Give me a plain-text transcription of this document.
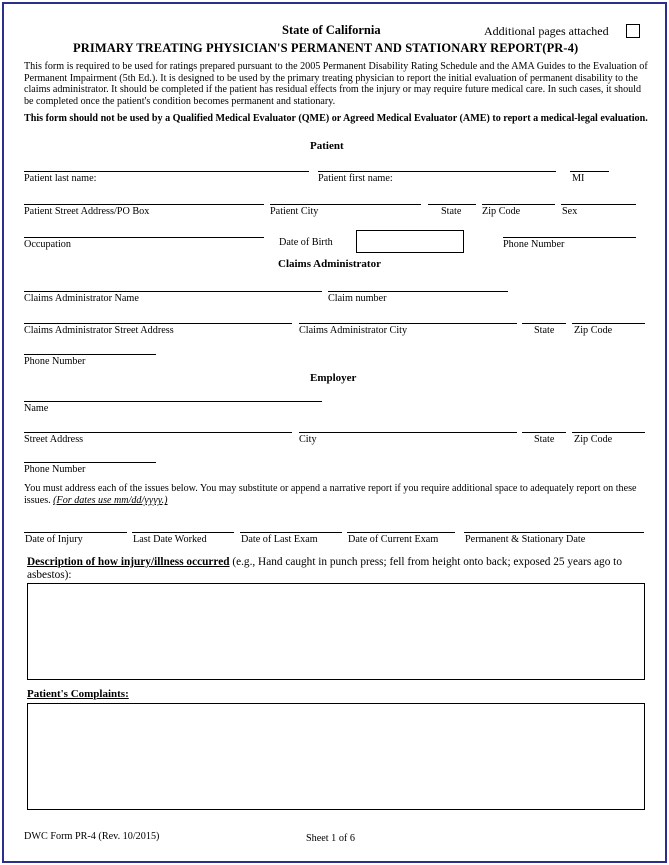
State of California	Additional pages attached
PRIMARY TREATING PHYSICIAN'S PERMANENT AND STATIONARY REPORT(PR-4)
This form is required to be used for ratings prepared pursuant to the 2005 Permanent Disability Rating Schedule and the AMA Guides to the Evaluation of Permanent Impairment (5th Ed.). It is designed to be used by the primary treating physician to report the initial evaluation of permanent disability to the claims administrator. It should be completed if the patient has residual effects from the injury or may require future medical care. In such cases, it should be completed once the patient's condition becomes permanent and stationary.
This form should not be used by a Qualified Medical Evaluator (QME) or Agreed Medical Evaluator (AME) to report a medical-legal evaluation.
Patient
Patient last name:	Patient first name:	MI
Patient Street Address/PO Box	Patient City	State Zip Code	Sex
Occupation	Date of Birth	Phone Number
Claims Administrator
Claims Administrator Name	Claim number
Claims Administrator Street Address	Claims Administrator City	State Zip Code
Phone Number
Employer
Name
Street Address	City	State Zip Code
Phone Number
You must address each of the issues below. You may substitute or append a narrative report if you require additional space to adequately report on these issues. (For dates use mm/dd/yyyy.)
Date of Injury	Last Date Worked	Date of Last Exam	Date of Current Exam	Permanent & Stationary Date
Description of how injury/illness occurred (e.g., Hand caught in punch press; fell from height onto back; exposed 25 years ago to asbestos):
Patient's Complaints:
DWC Form PR-4 (Rev. 10/2015)	Sheet 1 of 6
